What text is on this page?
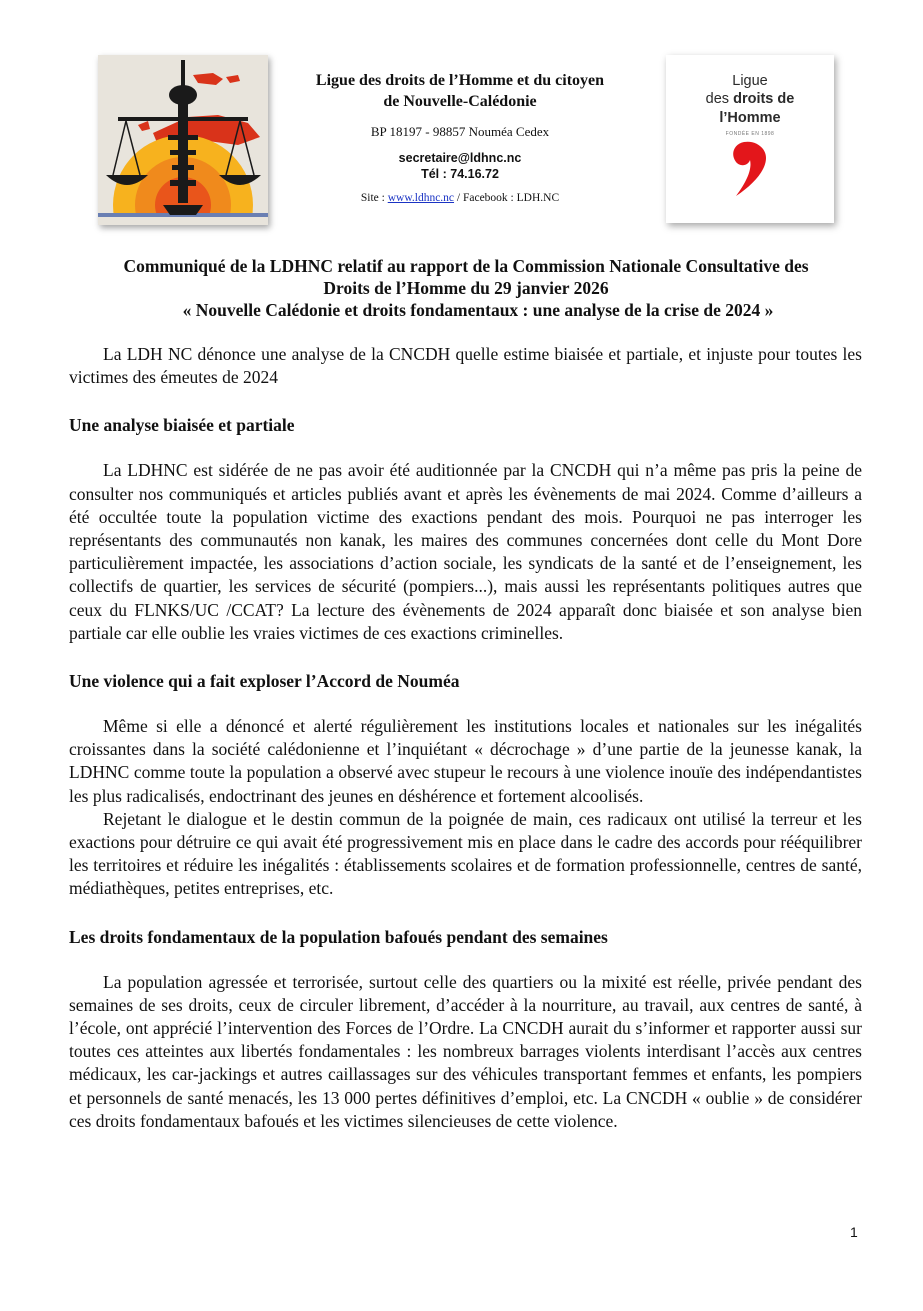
Ligue des droits de l’Homme et du citoyen
de Nouvelle-Calédonie
BP 18197 - 98857 Nouméa Cedex
secretaire@ldhnc.nc
Tél : 74.16.72
Site : www.ldhnc.nc / Facebook : LDH.NC
Ligue
des droits de
l’Homme
FONDÉE EN 1898
Communiqué de la LDHNC relatif au rapport de la Commission Nationale Consultative des
Droits de l’Homme du 29 janvier 2026
« Nouvelle Calédonie et droits fondamentaux : une analyse de la crise de 2024 »

La LDH NC dénonce une analyse de la CNCDH quelle estime biaisée et partiale, et injuste pour toutes les victimes des émeutes de 2024

Une analyse biaisée et partiale

La LDHNC est sidérée de ne pas avoir été auditionnée par la CNCDH qui n’a même pas pris la peine de consulter nos communiqués et articles publiés avant et après les évènements de mai 2024. Comme d’ailleurs a été occultée toute la population victime des exactions pendant des mois. Pourquoi ne pas interroger les représentants des communautés non kanak, les maires des communes concernées dont celle du Mont Dore particulièrement impactée, les associations d’action sociale, les syndicats de la santé et de l’enseignement, les collectifs de quartier, les services de sécurité (pompiers...), mais aussi les représentants politiques autres que ceux du FLNKS/UC /CCAT? La lecture des évènements de 2024 apparaît donc biaisée et son analyse bien partiale car elle oublie les vraies victimes de ces exactions criminelles.

Une violence qui a fait exploser l’Accord de Nouméa

Même si elle a dénoncé et alerté régulièrement les institutions locales et nationales sur les inégalités croissantes dans la société calédonienne et l’inquiétant « décrochage » d’une partie de la jeunesse kanak, la LDHNC comme toute la population a observé avec stupeur le recours à une violence inouïe des indépendantistes les plus radicalisés, endoctrinant des jeunes en déshérence et fortement alcoolisés.

Rejetant le dialogue et le destin commun de la poignée de main, ces radicaux ont utilisé la terreur et les exactions pour détruire ce qui avait été progressivement mis en place dans le cadre des accords pour rééquilibrer les territoires et réduire les inégalités : établissements scolaires et de formation professionnelle, centres de santé, médiathèques, petites entreprises, etc.

Les droits fondamentaux de la population bafoués pendant des semaines

La population agressée et terrorisée, surtout celle des quartiers ou la mixité est réelle, privée pendant des semaines de ses droits, ceux de circuler librement, d’accéder à la nourriture, au travail, aux centres de santé, à l’école, ont apprécié l’intervention des Forces de l’Ordre. La CNCDH aurait du s’informer et rapporter aussi sur toutes ces atteintes aux libertés fondamentales : les nombreux barrages violents interdisant l’accès aux centres médicaux, les car-jackings et autres caillassages sur des véhicules transportant femmes et enfants, les pompiers et personnels de santé menacés, les 13 000 pertes définitives d’emploi, etc. La CNCDH « oublie » de considérer ces droits fondamentaux bafoués et les victimes silencieuses de cette violence.

1
